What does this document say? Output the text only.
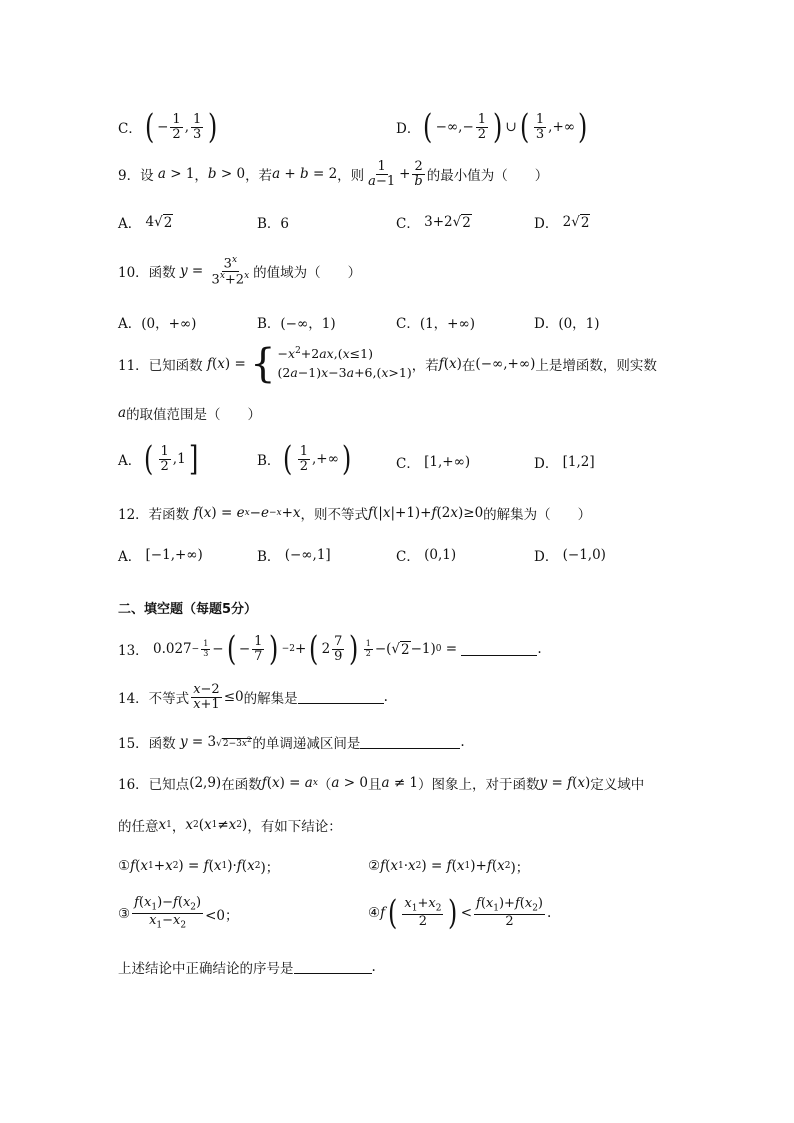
C． ( − $\frac{1}{2}$ , $\frac{1}{3}$ )	D． ( −∞,− $\frac{1}{2}$ ) ∪ ( $\frac{1}{3}$ ,+∞ )
9． 设 a > 1 ， b > 0 ，若 a + b = 2 ，则 $\frac{1}{a-1} + \frac{2}{b}$ 的最小值为（　　）
A． 4√ 2	B．6	C． 3+2√ 2	D． 2√ 2
10．函数
$y = \frac{3^x}{3^x+2^x}$ 的值域为（　　）
A．(0，+∞)	B．(−∞，1)	C．(1，+∞)	D．(0，1)
11．已知函数
f ( x ) = { $-x^2+2ax,(x\le 1)$
(2a−1)x−3a+6,(x>1) ，若 f ( x ) 在 (−∞,+∞) 上是增函数，则实数
a 的取值范围是（　　）
A． ( $\frac{1}{2} ,1$ ]	B． ( $\frac{1}{2}$ ,+∞ )	C． [1,+∞)	D． [1,2]
12．若函数
f ( x ) = e x − e −x + x ，则不等式 f (| x |+1)+ f (2 x )≥0 的解集为（　　）
A． [−1,+∞)	B． (−∞,1]	C． (0,1)	D． (−1,0)
二、填空题（每题5分）
13． $0.027 - \frac{1}{3}$ − ( − $\frac{1}{7}$ ) −2 + ( $2 \frac{7}{9}$ ) $\frac{1}{2}$ −(√ 2 −1) 0 =	.
14．不等式 $\frac{x-2}{x+1} \le 0$ 的解集是	.
15．函数
y = 3 $√2-3x^2$ 的单调递减区间是	.
16．已知点 (2,9) 在函数 f ( x ) = a x （ a > 0 且 a ≠ 1 ）图象上，对于函数 y = f ( x ) 定义域中
的任意 x 1 ， x 2 ( x 1 ≠ x 2 ) ，有如下结论：
① f ( x 1 + x 2 ) = f ( x 1 )· f ( x 2 )；	② f ( x 1 · x 2 ) = f ( x 1 )+ f ( x 2 )；
③ $\frac{f(x_1)-f(x_2)}{x_1-x_2} <0$；	④ f ( $\frac{x_1+x_2}{2}$ ) < $\frac{f(x_1)+f(x_2)}{2}$ .
上述结论中正确结论的序号是	.
